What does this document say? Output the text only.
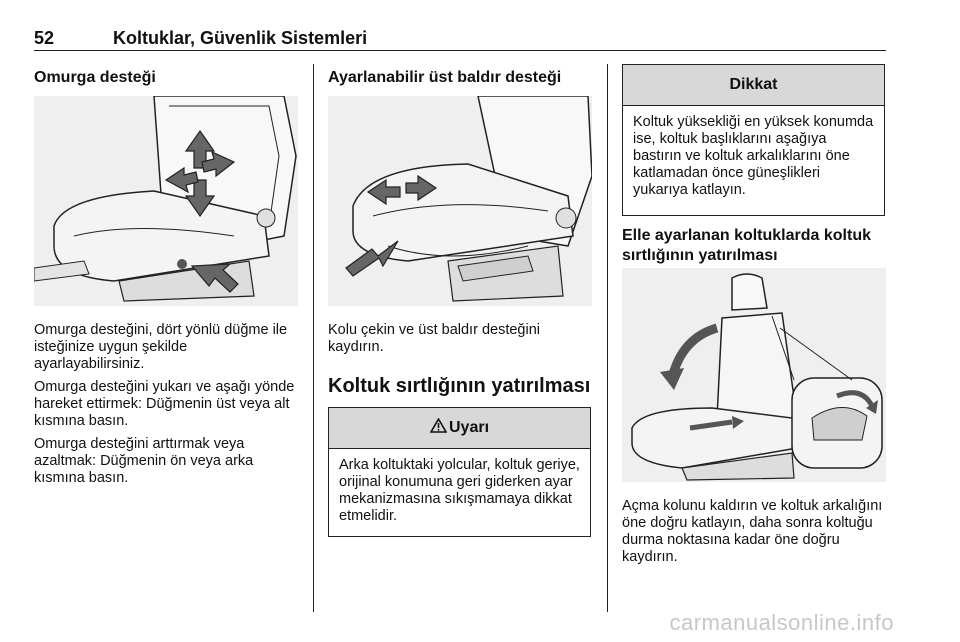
52	Koltuklar, Güvenlik Sistemleri
Omurga desteği

Omurga desteğini, dört yönlü düğme ile isteğinize uygun şekilde ayarlayabilirsiniz.

Omurga desteğini yukarı ve aşağı yönde hareket ettirmek: Düğmenin üst veya alt kısmına basın.

Omurga desteğini arttırmak veya azaltmak: Düğmenin ön veya arka kısmına basın.

Ayarlanabilir üst baldır desteği

Kolu çekin ve üst baldır desteğini kaydırın.

Koltuk sırtlığının yatırılması
Uyarı

Arka koltuktaki yolcular, koltuk geriye, orijinal konumuna geri giderken ayar mekanizmasına sıkışmamaya dikkat etmelidir.

Dikkat

Koltuk yüksekliği en yüksek konumda ise, koltuk başlıklarını aşağıya bastırın ve koltuk arkalıklarını öne katlamadan önce güneşlikleri yukarıya katlayın.

Elle ayarlanan koltuklarda koltuk sırtlığının yatırılması

Açma kolunu kaldırın ve koltuk arkalığını öne doğru katlayın, daha sonra koltuğu durma noktasına kadar öne doğru kaydırın.

carmanualsonline.info
